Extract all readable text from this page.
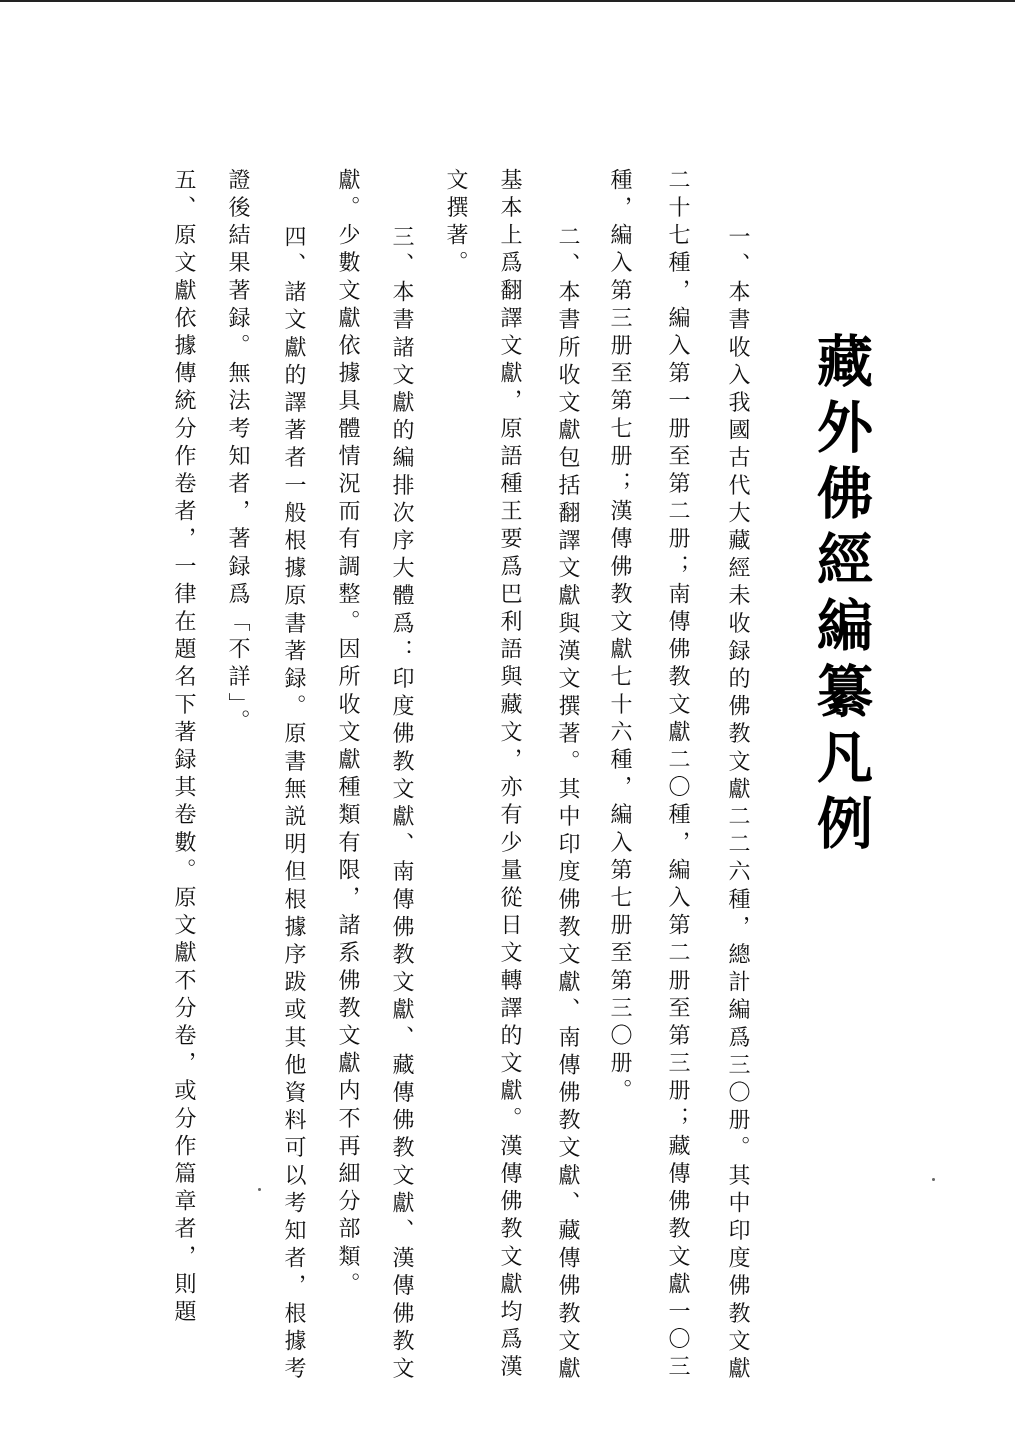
藏外佛經編纂凡例
一、本書收入我國古代大藏經未收録的佛教文獻二二六種，總計編爲三〇册。其中印度佛教文獻
二十七種，編入第一册至第二册；南傳佛教文獻二〇種，編入第二册至第三册；藏傳佛教文獻一〇三
種，編入第三册至第七册；漢傳佛教文獻七十六種，編入第七册至第三〇册。
二、本書所收文獻包括翻譯文獻與漢文撰著。其中印度佛教文獻、南傳佛教文獻、藏傳佛教文獻
基本上爲翻譯文獻，原語種王要爲巴利語與藏文，亦有少量從日文轉譯的文獻。漢傳佛教文獻均爲漢
文撰著。
三、本書諸文獻的編排次序大體爲：印度佛教文獻、南傳佛教文獻、藏傳佛教文獻、漢傳佛教文
獻。少數文獻依據具體情況而有調整。因所收文獻種類有限，諸系佛教文獻内不再細分部類。
四、諸文獻的譯著者一般根據原書著録。原書無説明但根據序跋或其他資料可以考知者，根據考
證後結果著録。無法考知者，著録爲「不詳」。
五、原文獻依據傳統分作卷者，一律在題名下著録其卷數。原文獻不分卷，或分作篇章者，則題
